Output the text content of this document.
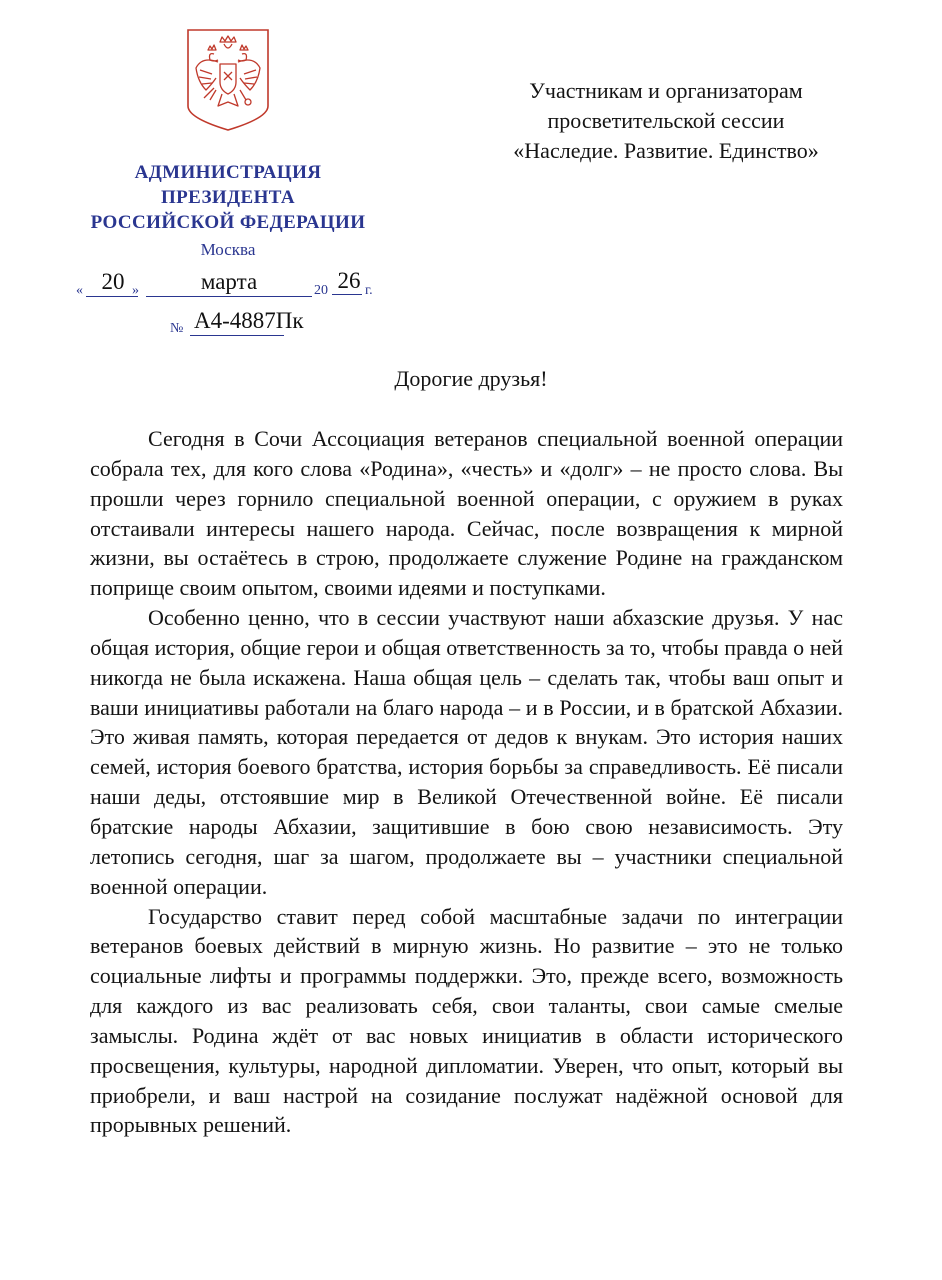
АДМИНИСТРАЦИЯ
ПРЕЗИДЕНТА
РОССИЙСКОЙ ФЕДЕРАЦИИ
Москва
« 20 »	марта	20 26 г.
№ А4-4887Пк
Участникам и организаторам
просветительской сессии
«Наследие. Развитие. Единство»
Дорогие друзья!

Сегодня в Сочи Ассоциация ветеранов специальной военной операции собрала тех, для кого слова «Родина», «честь» и «долг» – не просто слова. Вы прошли через горнило специальной военной операции, с оружием в руках отстаивали интересы нашего народа. Сейчас, после возвращения к мирной жизни, вы остаётесь в строю, продолжаете служение Родине на гражданском поприще своим опытом, своими идеями и поступками.

Особенно ценно, что в сессии участвуют наши абхазские друзья. У нас общая история, общие герои и общая ответственность за то, чтобы правда о ней никогда не была искажена. Наша общая цель – сделать так, чтобы ваш опыт и ваши инициативы работали на благо народа – и в России, и в братской Абхазии. Это живая память, которая передается от дедов к внукам. Это история наших семей, история боевого братства, история борьбы за справедливость. Её писали наши деды, отстоявшие мир в Великой Отечественной войне. Её писали братские народы Абхазии, защитившие в бою свою независимость. Эту летопись сегодня, шаг за шагом, продолжаете вы – участники специальной военной операции.

Государство ставит перед собой масштабные задачи по интеграции ветеранов боевых действий в мирную жизнь. Но развитие – это не только социальные лифты и программы поддержки. Это, прежде всего, возможность для каждого из вас реализовать себя, свои таланты, свои самые смелые замыслы. Родина ждёт от вас новых инициатив в области исторического просвещения, культуры, народной дипломатии. Уверен, что опыт, который вы приобрели, и ваш настрой на созидание послужат надёжной основой для прорывных решений.
